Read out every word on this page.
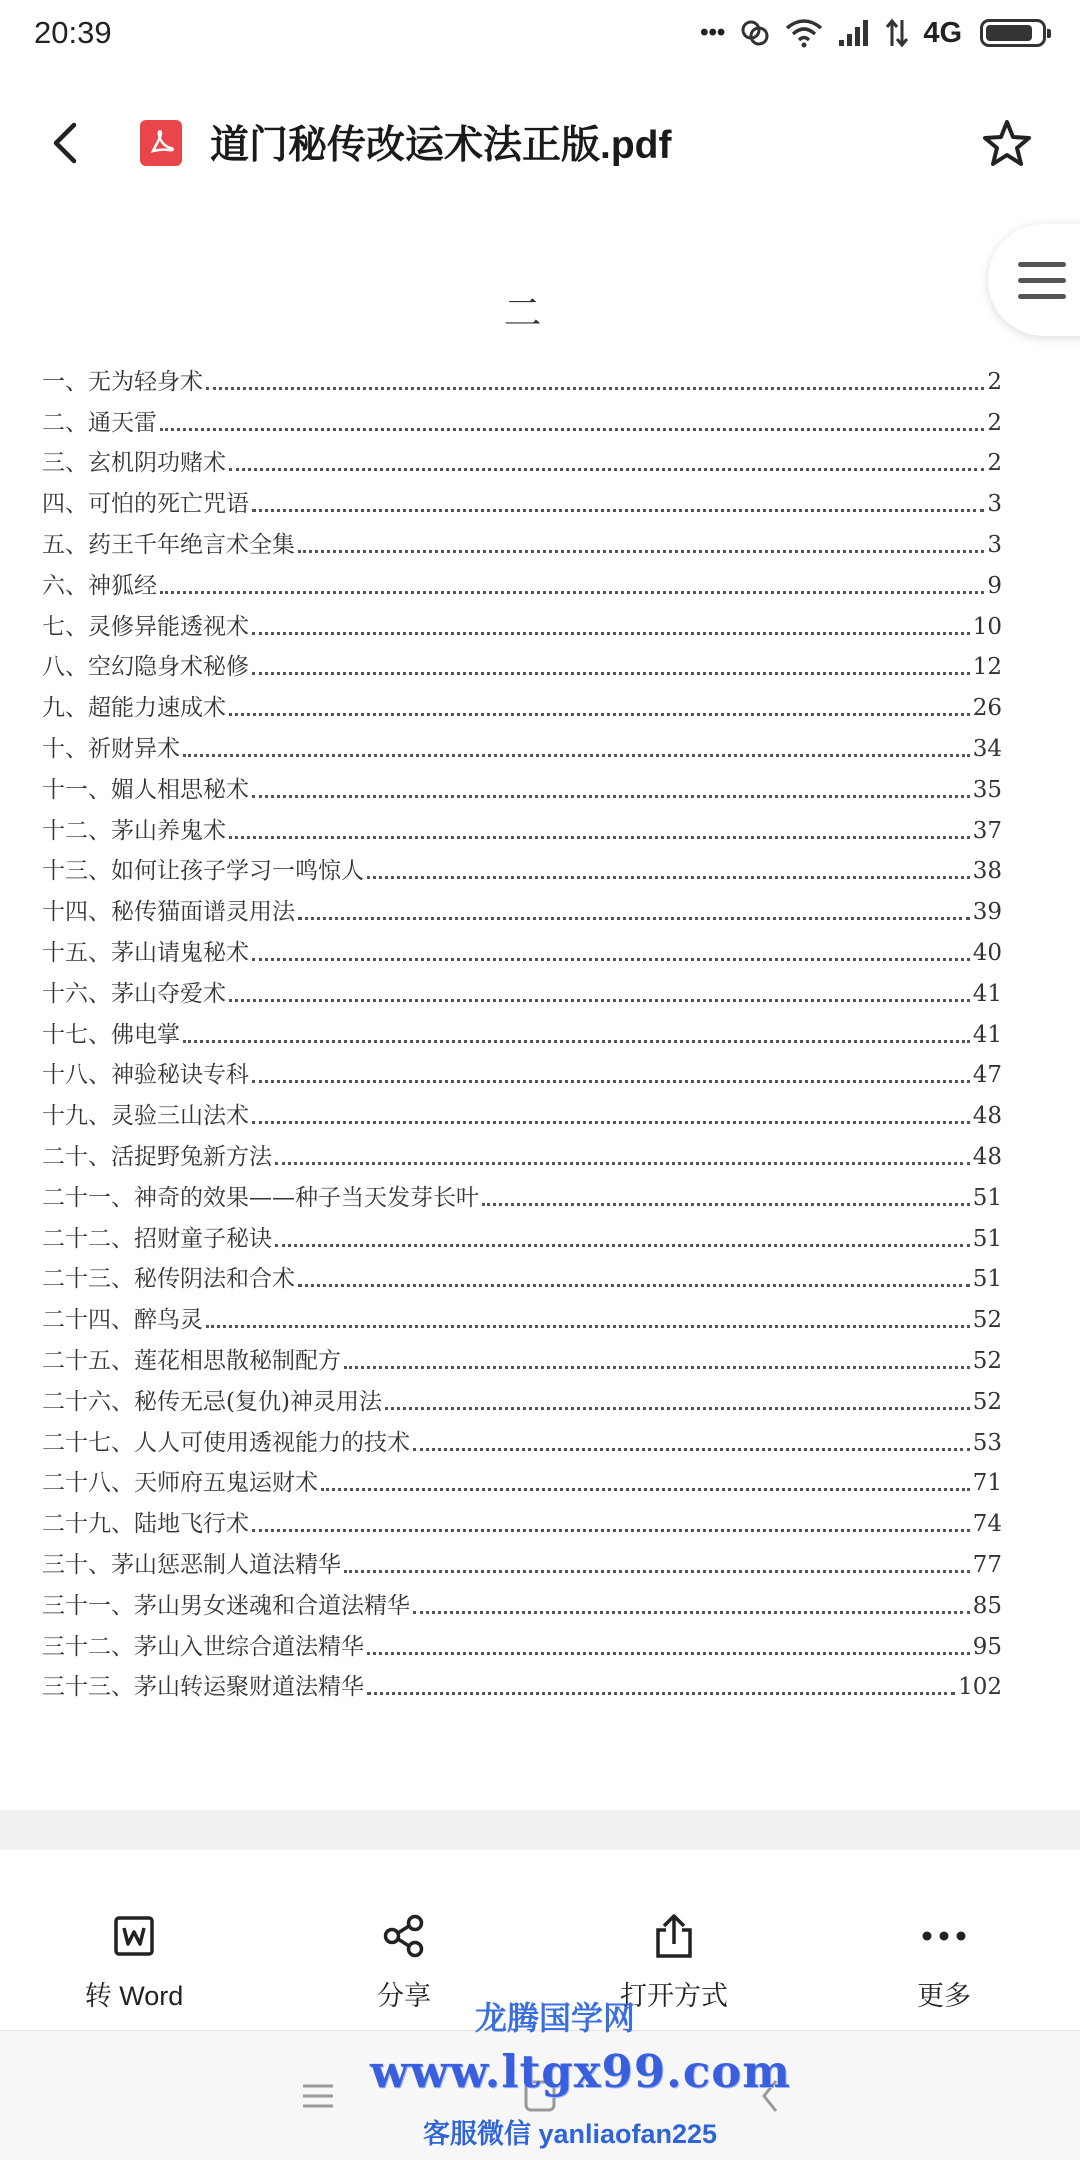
20:39	•••	4G
道门秘传改运术法正版.pdf
二
一、无为轻身术	2
二、通天雷	2
三、玄机阴功赌术	2
四、可怕的死亡咒语	3
五、药王千年绝言术全集	3
六、神狐经	9
七、灵修异能透视术	10
八、空幻隐身术秘修	12
九、超能力速成术	26
十、祈财异术	34
十一、媚人相思秘术	35
十二、茅山养鬼术	37
十三、如何让孩子学习一鸣惊人	38
十四、秘传猫面谱灵用法	39
十五、茅山请鬼秘术	40
十六、茅山夺爱术	41
十七、佛电掌	41
十八、神验秘诀专科	47
十九、灵验三山法术	48
二十、活捉野兔新方法	48
二十一、神奇的效果——种子当天发芽长叶	51
二十二、招财童子秘诀	51
二十三、秘传阴法和合术	51
二十四、醉鸟灵	52
二十五、莲花相思散秘制配方	52
二十六、秘传无忌(复仇)神灵用法	52
二十七、人人可使用透视能力的技术	53
二十八、天师府五鬼运财术	71
二十九、陆地飞行术	74
三十、茅山惩恶制人道法精华	77
三十一、茅山男女迷魂和合道法精华	85
三十二、茅山入世综合道法精华	95
三十三、茅山转运聚财道法精华	102
转 Word	分享	打开方式	更多
龙腾国学网
www.ltgx99.com
客服微信 yanliaofan225
